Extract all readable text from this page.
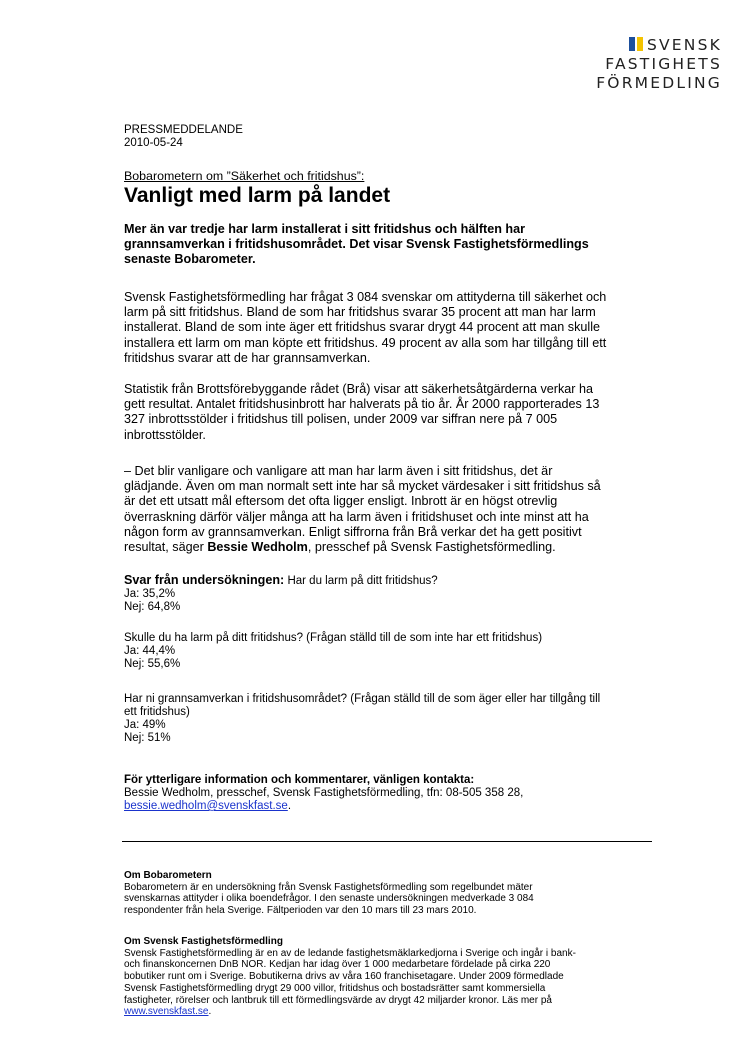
SVENSK
FASTIGHETS
FÖRMEDLING
PRESSMEDDELANDE
2010-05-24
Bobarometern om ”Säkerhet och fritidshus”:
Vanligt med larm på landet
Mer än var tredje har larm installerat i sitt fritidshus och hälften har
grannsamverkan i fritidshusområdet. Det visar Svensk Fastighetsförmedlings
senaste Bobarometer.
Svensk Fastighetsförmedling har frågat 3 084 svenskar om attityderna till säkerhet och
larm på sitt fritidshus. Bland de som har fritidshus svarar 35 procent att man har larm
installerat. Bland de som inte äger ett fritidshus svarar drygt 44 procent att man skulle
installera ett larm om man köpte ett fritidshus. 49 procent av alla som har tillgång till ett
fritidshus svarar att de har grannsamverkan.
Statistik från Brottsförebyggande rådet (Brå) visar att säkerhetsåtgärderna verkar ha
gett resultat. Antalet fritidshusinbrott har halverats på tio år. År 2000 rapporterades 13
327 inbrottsstölder i fritidshus till polisen, under 2009 var siffran nere på 7 005
inbrottsstölder.
– Det blir vanligare och vanligare att man har larm även i sitt fritidshus, det är
glädjande. Även om man normalt sett inte har så mycket värdesaker i sitt fritidshus så
är det ett utsatt mål eftersom det ofta ligger ensligt. Inbrott är en högst otrevlig
överraskning därför väljer många att ha larm även i fritidshuset och inte minst att ha
någon form av grannsamverkan. Enligt siffrorna från Brå verkar det ha gett positivt
resultat, säger Bessie Wedholm, presschef på Svensk Fastighetsförmedling.
Svar från undersökningen: Har du larm på ditt fritidshus?
Ja: 35,2%
Nej: 64,8%
Skulle du ha larm på ditt fritidshus? (Frågan ställd till de som inte har ett fritidshus)
Ja: 44,4%
Nej: 55,6%
Har ni grannsamverkan i fritidshusområdet? (Frågan ställd till de som äger eller har tillgång till
ett fritidshus)
Ja: 49%
Nej: 51%
För ytterligare information och kommentarer, vänligen kontakta:
Bessie Wedholm, presschef, Svensk Fastighetsförmedling, tfn: 08-505 358 28,
bessie.wedholm@svenskfast.se.
Om Bobarometern
Bobarometern är en undersökning från Svensk Fastighetsförmedling som regelbundet mäter
svenskarnas attityder i olika boendefrågor. I den senaste undersökningen medverkade 3 084
respondenter från hela Sverige. Fältperioden var den 10 mars till 23 mars 2010.
Om Svensk Fastighetsförmedling
Svensk Fastighetsförmedling är en av de ledande fastighetsmäklarkedjorna i Sverige och ingår i bank-
och finanskoncernen DnB NOR. Kedjan har idag över 1 000 medarbetare fördelade på cirka 220
bobutiker runt om i Sverige. Bobutikerna drivs av våra 160 franchisetagare. Under 2009 förmedlade
Svensk Fastighetsförmedling drygt 29 000 villor, fritidshus och bostadsrätter samt kommersiella
fastigheter, rörelser och lantbruk till ett förmedlingsvärde av drygt 42 miljarder kronor. Läs mer på
www.svenskfast.se.
